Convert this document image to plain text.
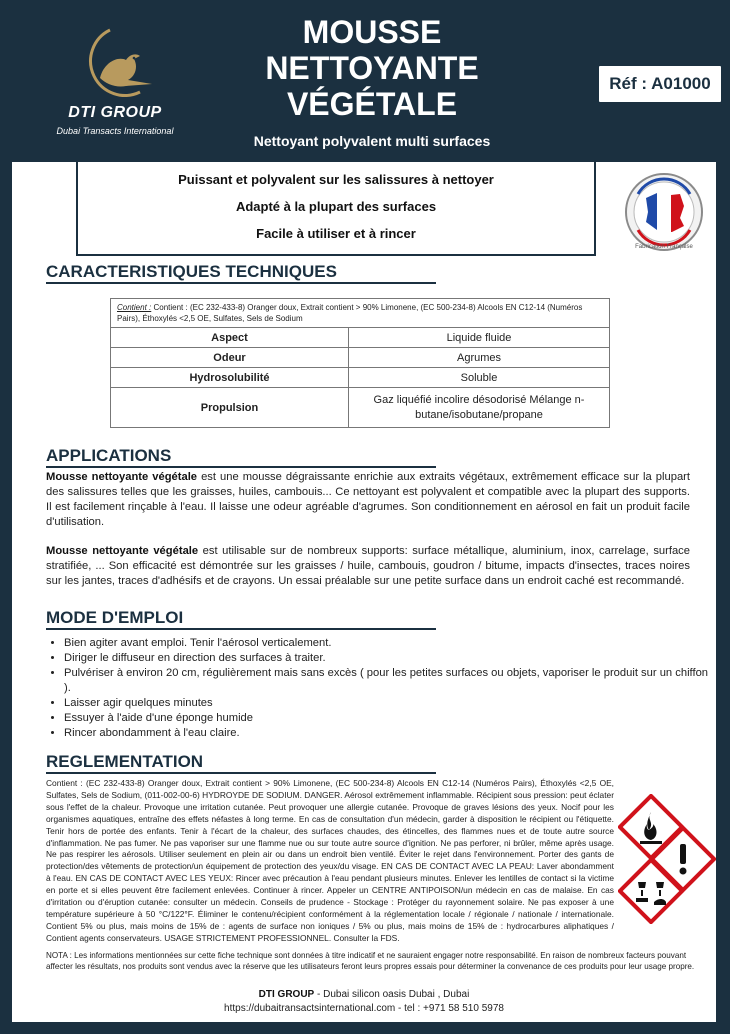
DTI GROUP
Dubai Transacts International
MOUSSE
NETTOYANTE
VÉGÉTALE
Nettoyant polyvalent multi surfaces
Réf : A01000
Puissant et polyvalent sur les salissures à nettoyer
Adapté à la plupart des surfaces
Facile à utiliser et à rincer
Fabrication Française
CARACTERISTIQUES TECHNIQUES
Contient : Contient : (EC 232-433-8) Oranger doux, Extrait contient > 90% Limonene, (EC 500-234-8) Alcools EN C12-14 (Numéros Pairs), Éthoxylés <2,5 OE, Sulfates, Sels de Sodium	
Aspect	Liquide fluide
Odeur	Agrumes
Hydrosolubilité	Soluble
Propulsion	Gaz liquéfié incolire désodorisé Mélange n-butane/isobutane/propane
APPLICATIONS
Mousse nettoyante végétale est une mousse dégraissante enrichie aux extraits végétaux, extrêmement efficace sur la plupart des salissures telles que les graisses, huiles, cambouis... Ce nettoyant est polyvalent et compatible avec la plupart des supports. Il est facilement rinçable à l'eau. Il laisse une odeur agréable d'agrumes. Son conditionnement en aérosol en fait un produit facile d'utilisation.
Mousse nettoyante végétale est utilisable sur de nombreux supports: surface métallique, aluminium, inox, carrelage, surface stratifiée, ... Son efficacité est démontrée sur les graisses / huile, cambouis, goudron / bitume, impacts d'insectes, traces noires sur les jantes, traces d'adhésifs et de crayons. Un essai préalable sur une petite surface dans un endroit caché est recommandé.
MODE D'EMPLOI
• Bien agiter avant emploi. Tenir l'aérosol verticalement.
• Diriger le diffuseur en direction des surfaces à traiter.
• Pulvériser à environ 20 cm, régulièrement mais sans excès ( pour les petites surfaces ou objets, vaporiser le produit sur un chiffon ).
• Laisser agir quelques minutes
• Essuyer à l'aide d'une éponge humide
• Rincer abondamment à l'eau claire.
REGLEMENTATION
Contient : (EC 232-433-8) Oranger doux, Extrait contient > 90% Limonene, (EC 500-234-8) Alcools EN C12-14 (Numéros Pairs), Éthoxylés <2,5 OE, Sulfates, Sels de Sodium, (011-002-00-6) HYDROYDE DE SODIUM. DANGER. Aérosol extrêmement inflammable. Récipient sous pression: peut éclater sous l'effet de la chaleur. Provoque une irritation cutanée. Peut provoquer une allergie cutanée. Provoque de graves lésions des yeux. Nocif pour les organismes aquatiques, entraîne des effets néfastes à long terme. En cas de consultation d'un médecin, garder à disposition le récipient ou l'étiquette. Tenir hors de portée des enfants. Tenir à l'écart de la chaleur, des surfaces chaudes, des étincelles, des flammes nues et de toute autre source d'inflammation. Ne pas fumer. Ne pas vaporiser sur une flamme nue ou sur toute autre source d'ignition. Ne pas perforer, ni brûler, même après usage. Ne pas respirer les aérosols. Utiliser seulement en plein air ou dans un endroit bien ventilé. Éviter le rejet dans l'environnement. Porter des gants de protection/des vêtements de protection/un équipement de protection des yeux/du visage. EN CAS DE CONTACT AVEC LA PEAU: Laver abondamment à l'eau. EN CAS DE CONTACT AVEC LES YEUX: Rincer avec précaution à l'eau pendant plusieurs minutes. Enlever les lentilles de contact si la victime en porte et si elles peuvent être facilement enlevées. Continuer à rincer. Appeler un CENTRE ANTIPOISON/un médecin en cas de malaise. En cas d'irritation ou d'éruption cutanée: consulter un médecin. Conseils de prudence - Stockage : Protéger du rayonnement solaire. Ne pas exposer à une température supérieure à 50 °C/122°F. Éliminer le contenu/récipient conformément à la réglementation locale / régionale / nationale / internationale. Contient 5% ou plus, mais moins de 15% de : agents de surface non ioniques / 5% ou plus, mais moins de 15% de : hydrocarbures aliphatiques / Contient agents conservateurs. USAGE STRICTEMENT PROFESSIONNEL. Consulter la FDS.
NOTA : Les informations mentionnées sur cette fiche technique sont données à titre indicatif et ne sauraient engager notre responsabilité. En raison de nombreux facteurs pouvant affecter les résultats, nos produits sont vendus avec la réserve que les utilisateurs feront leurs propres essais pour déterminer la convenance de ces produits pour leur usage propre.
DTI GROUP - Dubai silicon oasis Dubai , Dubai
https://dubaitransactsinternational.com - tel : +971 58 510 5978
